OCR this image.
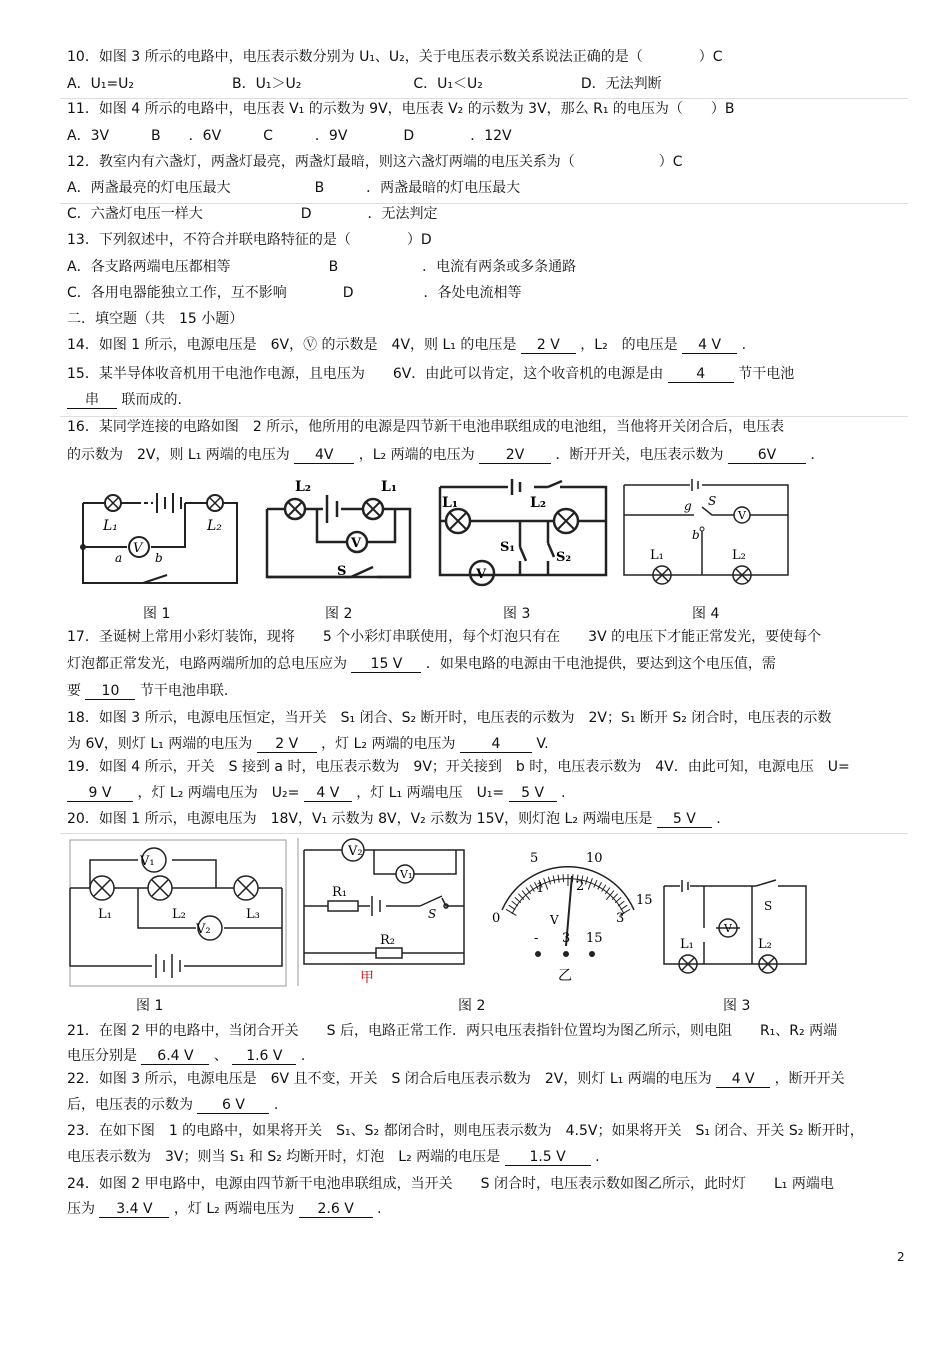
10．如图 3 所示的电路中，电压表示数分别为 U₁、U₂，关于电压表示数关系说法正确的是（　　　　）C
A．U₁=U₂　　　　　　　B．U₁＞U₂　　　　　　　　C．U₁＜U₂　　　　　　　D．无法判断
11．如图 4 所示的电路中，电压表 V₁ 的示数为 9V，电压表 V₂ 的示数为 3V，那么 R₁ 的电压为（　　）B
A．3V　　　B　　．6V　　　C　　　．9V　　　　D　　　　．12V
12．教室内有六盏灯，两盏灯最亮，两盏灯最暗，则这六盏灯两端的电压关系为（　　　　　　）C
A．两盏最亮的灯电压最大　　　　　　B　　　．两盏最暗的灯电压最大
C．六盏灯电压一样大　　　　　　　D　　　　．无法判定
13．下列叙述中，不符合并联电路特征的是（　　　　）D
A．各支路两端电压都相等　　　　　　　B　　　　　　．电流有两条或多条通路
C．各用电器能独立工作，互不影响　　　　D　　　　　．各处电流相等
二．填空题（共　15 小题）
14．如图 1 所示，电源电压是　6V，Ⓥ 的示数是　4V，则 L₁ 的电压是 2 V ，L₂　的电压是 4 V .
15．某半导体收音机用干电池作电源，且电压为　　6V．由此可以肯定，这个收音机的电源是由 4 节干电池
串 联而成的.
16．某同学连接的电路如图　2 所示，他所用的电源是四节新干电池串联组成的电池组，当他将开关闭合后，电压表
的示数为　2V，则 L₁ 两端的电压为 4V ，L₂ 两端的电压为 2V ．断开开关，电压表示数为 6V .
L₁	L₂
V
a	b
L₂	L₁
V
S
L₁	L₂
V
S₁
S₂
g
b
S
V
L₁	L₂
图 1	图 2	图 3	图 4
17．圣诞树上常用小彩灯装饰，现将　　5 个小彩灯串联使用，每个灯泡只有在　　3V 的电压下才能正常发光，要使每个
灯泡都正常发光，电路两端所加的总电压应为 15 V ．如果电路的电源由干电池提供，要达到这个电压值，需
要 10 节干电池串联.
18．如图 3 所示，电源电压恒定，当开关　S₁ 闭合、S₂ 断开时，电压表的示数为　2V；S₁ 断开 S₂ 闭合时，电压表的示数
为 6V，则灯 L₁ 两端的电压为 2 V ，灯 L₂ 两端的电压为	4	V.
19．如图 4 所示，开关　S 接到 a 时，电压表示数为　9V；开关接到　b 时，电压表示数为　4V．由此可知，电源电压　U=
9 V ，灯 L₂ 两端电压为　U₂= 4 V ，灯 L₁ 两端电压　U₁= 5 V .
20．如图 1 所示，电源电压为　18V，V₁ 示数为 8V，V₂ 示数为 15V，则灯泡 L₂ 两端电压是 5 V .
V₁
V₂
L₁	L₂	L₃
V₂
V₁
R₁
R₂
S
甲
5	10
0
1 2
3
15
V
- 3 15
乙
V
S
L₁	L₂
图 1	图 2	图 3
21．在图 2 甲的电路中，当闭合开关　　S 后，电路正常工作．两只电压表指针位置均为图乙所示，则电阻　　R₁、R₂ 两端
电压分别是 6.4 V 、 1.6 V .
22．如图 3 所示，电源电压是　6V 且不变，开关　S 闭合后电压表示数为　2V，则灯 L₁ 两端的电压为 4 V ，断开开关
后，电压表的示数为 6 V .
23．在如下图　1 的电路中，如果将开关　S₁、S₂ 都闭合时，则电压表示数为　4.5V；如果将开关　S₁ 闭合、开关 S₂ 断开时，
电压表示数为　3V；则当 S₁ 和 S₂ 均断开时，灯泡　L₂ 两端的电压是 1.5 V .
24．如图 2 甲电路中，电源由四节新干电池串联组成，当开关　　S 闭合时，电压表示数如图乙所示，此时灯　　L₁ 两端电
压为 3.4 V ，灯 L₂ 两端电压为 2.6 V .
2
